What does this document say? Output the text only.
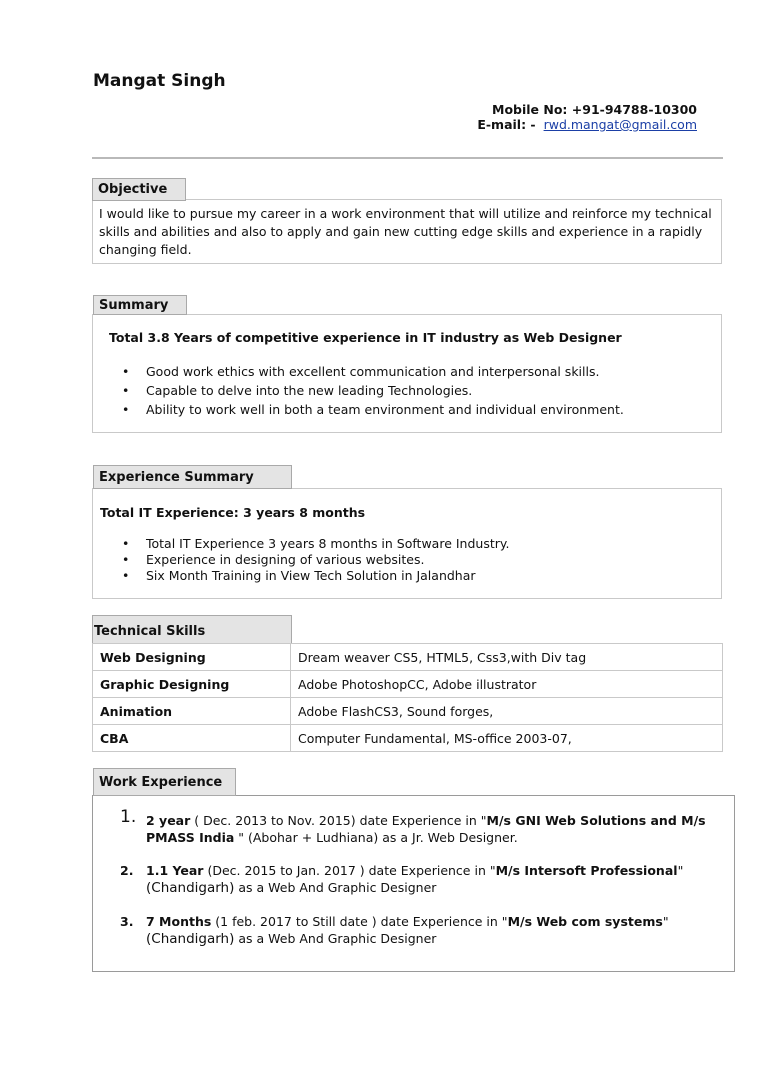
Mangat Singh
Mobile No: +91-94788-10300
E-mail: - rwd.mangat@gmail.com
Objective
I would like to pursue my career in a work environment that will utilize and reinforce my technical skills and abilities and also to apply and gain new cutting edge skills and experience in a rapidly changing field.
Summary
Total 3.8 Years of competitive experience in IT industry as Web Designer
• Good work ethics with excellent communication and interpersonal skills.
• Capable to delve into the new leading Technologies.
• Ability to work well in both a team environment and individual environment.
Experience Summary
Total IT Experience: 3 years 8 months
• Total IT Experience 3 years 8 months in Software Industry.
• Experience in designing of various websites.
• Six Month Training in View Tech Solution in Jalandhar
Technical Skills
Web Designing	Dream weaver CS5, HTML5, Css3,with Div tag
Graphic Designing	Adobe PhotoshopCC, Adobe illustrator
Animation	Adobe FlashCS3, Sound forges,
CBA	Computer Fundamental, MS-office 2003-07,
Work Experience
1. 2 year ( Dec. 2013 to Nov. 2015) date Experience in "M/s GNI Web Solutions and M/s PMASS India " (Abohar + Ludhiana) as a Jr. Web Designer.
2. 1.1 Year (Dec. 2015 to Jan. 2017 ) date Experience in "M/s Intersoft Professional"
(Chandigarh) as a Web And Graphic Designer
3. 7 Months (1 feb. 2017 to Still date ) date Experience in "M/s Web com systems"
(Chandigarh) as a Web And Graphic Designer
